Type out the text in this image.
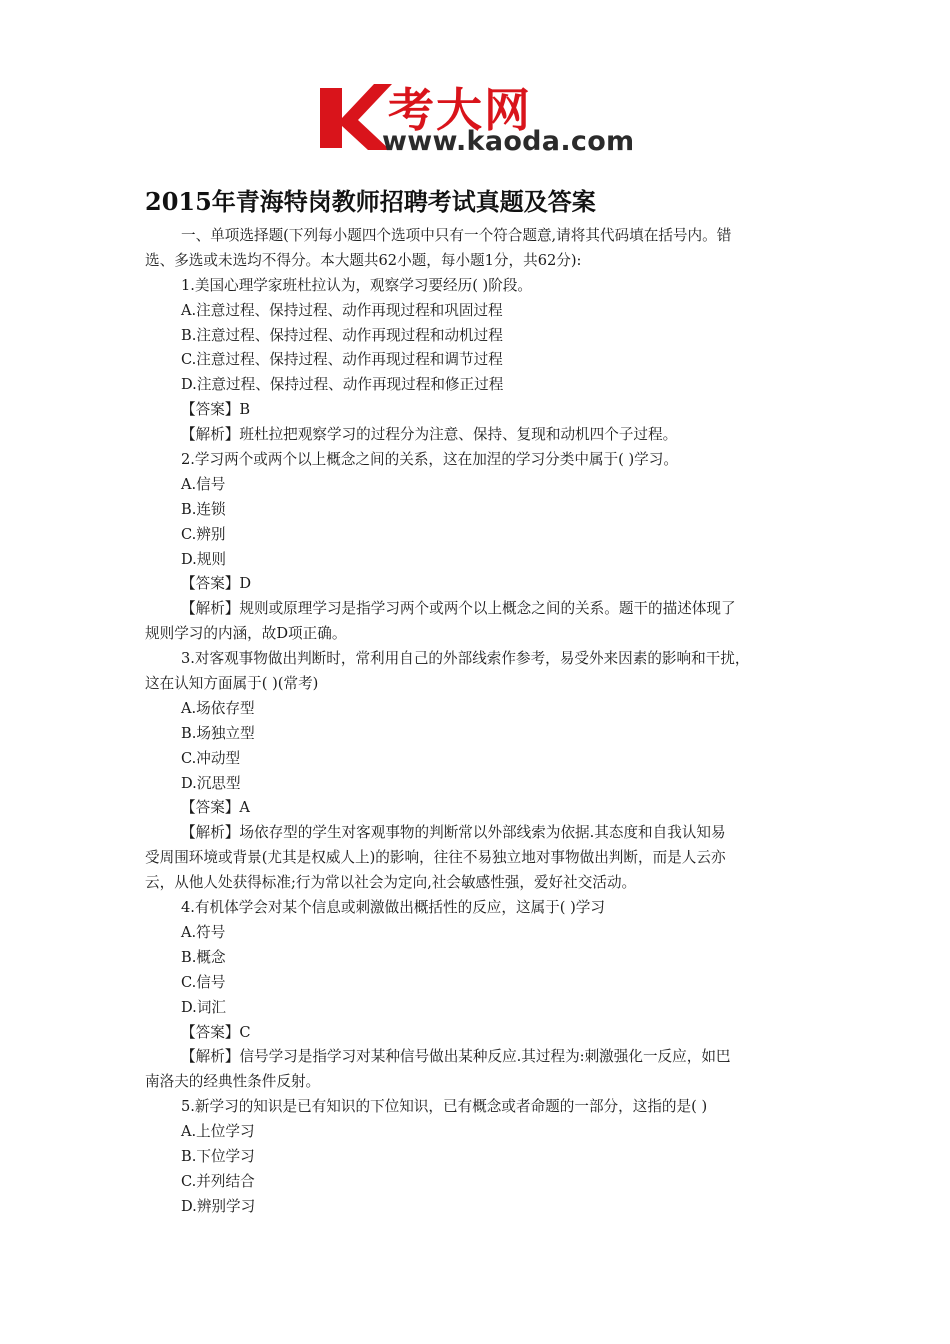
考大网
www.kaoda.com
2015年青海特岗教师招聘考试真题及答案
一、单项选择题(下列每小题四个选项中只有一个符合题意,请将其代码填在括号内。错
选、多选或未选均不得分。本大题共62小题，每小题1分，共62分):
1.美国心理学家班杜拉认为，观察学习要经历( )阶段。
A.注意过程、保持过程、动作再现过程和巩固过程
B.注意过程、保持过程、动作再现过程和动机过程
C.注意过程、保持过程、动作再现过程和调节过程
D.注意过程、保持过程、动作再现过程和修正过程
【答案】B
【解析】班杜拉把观察学习的过程分为注意、保持、复现和动机四个子过程。
2.学习两个或两个以上概念之间的关系，这在加涅的学习分类中属于( )学习。
A.信号
B.连锁
C.辨别
D.规则
【答案】D
【解析】规则或原理学习是指学习两个或两个以上概念之间的关系。题干的描述体现了
规则学习的内涵，故D项正确。
3.对客观事物做出判断时，常利用自己的外部线索作参考，易受外来因素的影响和干扰，
这在认知方面属于( )(常考)
A.场依存型
B.场独立型
C.冲动型
D.沉思型
【答案】A
【解析】场依存型的学生对客观事物的判断常以外部线索为依据.其态度和自我认知易
受周围环境或背景(尤其是权威人上)的影响，往往不易独立地对事物做出判断，而是人云亦
云，从他人处获得标准;行为常以社会为定向,社会敏感性强，爱好社交活动。
4.有机体学会对某个信息或刺激做出概括性的反应，这属于( )学习
A.符号
B.概念
C.信号
D.词汇
【答案】C
【解析】信号学习是指学习对某种信号做出某种反应.其过程为:刺激强化一反应，如巴
南洛夫的经典性条件反射。
5.新学习的知识是已有知识的下位知识，已有概念或者命题的一部分，这指的是( )
A.上位学习
B.下位学习
C.并列结合
D.辨别学习
